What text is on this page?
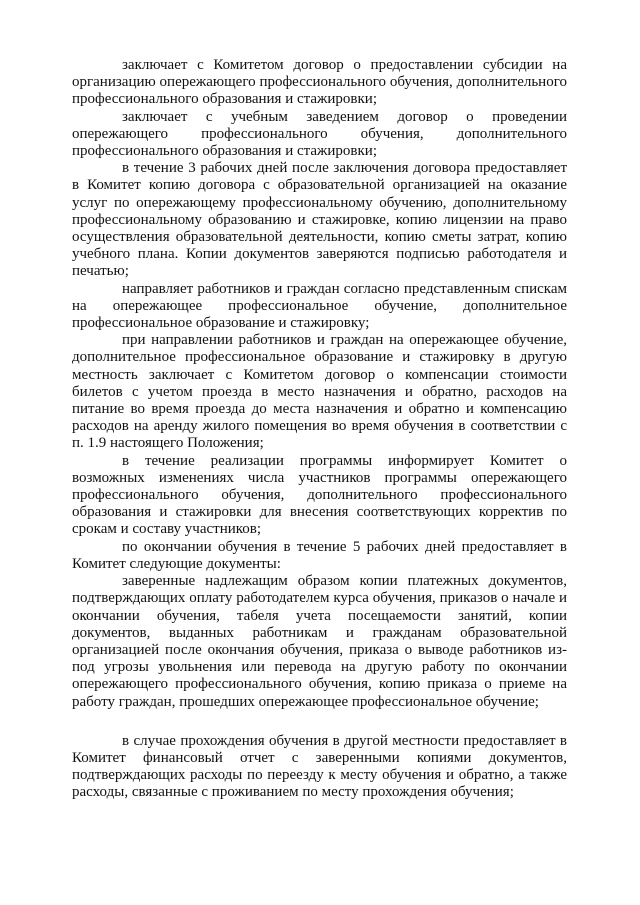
заключает с Комитетом договор о предоставлении субсидии на организацию опережающего профессионального обучения, дополнительного профессионального образования и стажировки;

заключает с учебным заведением договор о проведении опережающего профессионального обучения, дополнительного профессионального образования и стажировки;

в течение 3 рабочих дней после заключения договора предоставляет в Комитет копию договора с образовательной организацией на оказание услуг по опережающему профессиональному обучению, дополнительному профессиональному образованию и стажировке, копию лицензии на право осуществления образовательной деятельности, копию сметы затрат, копию учебного плана. Копии документов заверяются подписью работодателя и печатью;

направляет работников и граждан согласно представленным спискам на опережающее профессиональное обучение, дополнительное профессиональное образование и стажировку;

при направлении работников и граждан на опережающее обучение, дополнительное профессиональное образование и стажировку в другую местность заключает с Комитетом договор о компенсации стоимости билетов с учетом проезда в место назначения и обратно, расходов на питание во время проезда до места назначения и обратно и компенсацию расходов на аренду жилого помещения во время обучения в соответствии с п. 1.9 настоящего Положения;

в течение реализации программы информирует Комитет о возможных изменениях числа участников программы опережающего профессионального обучения, дополнительного профессионального образования и стажировки для внесения соответствующих корректив по срокам и составу участников;

по окончании обучения в течение 5 рабочих дней предоставляет в Комитет следующие документы:

заверенные надлежащим образом копии платежных документов, подтверждающих оплату работодателем курса обучения, приказов о начале и окончании обучения, табеля учета посещаемости занятий, копии документов, выданных работникам и гражданам образовательной организацией после окончания обучения, приказа о выводе работников из-под угрозы увольнения или перевода на другую работу по окончании опережающего профессионального обучения, копию приказа о приеме на работу граждан, прошедших опережающее профессиональное обучение;

в случае прохождения обучения в другой местности предоставляет в Комитет финансовый отчет с заверенными копиями документов, подтверждающих расходы по переезду к месту обучения и обратно, а также расходы, связанные с проживанием по месту прохождения обучения;
